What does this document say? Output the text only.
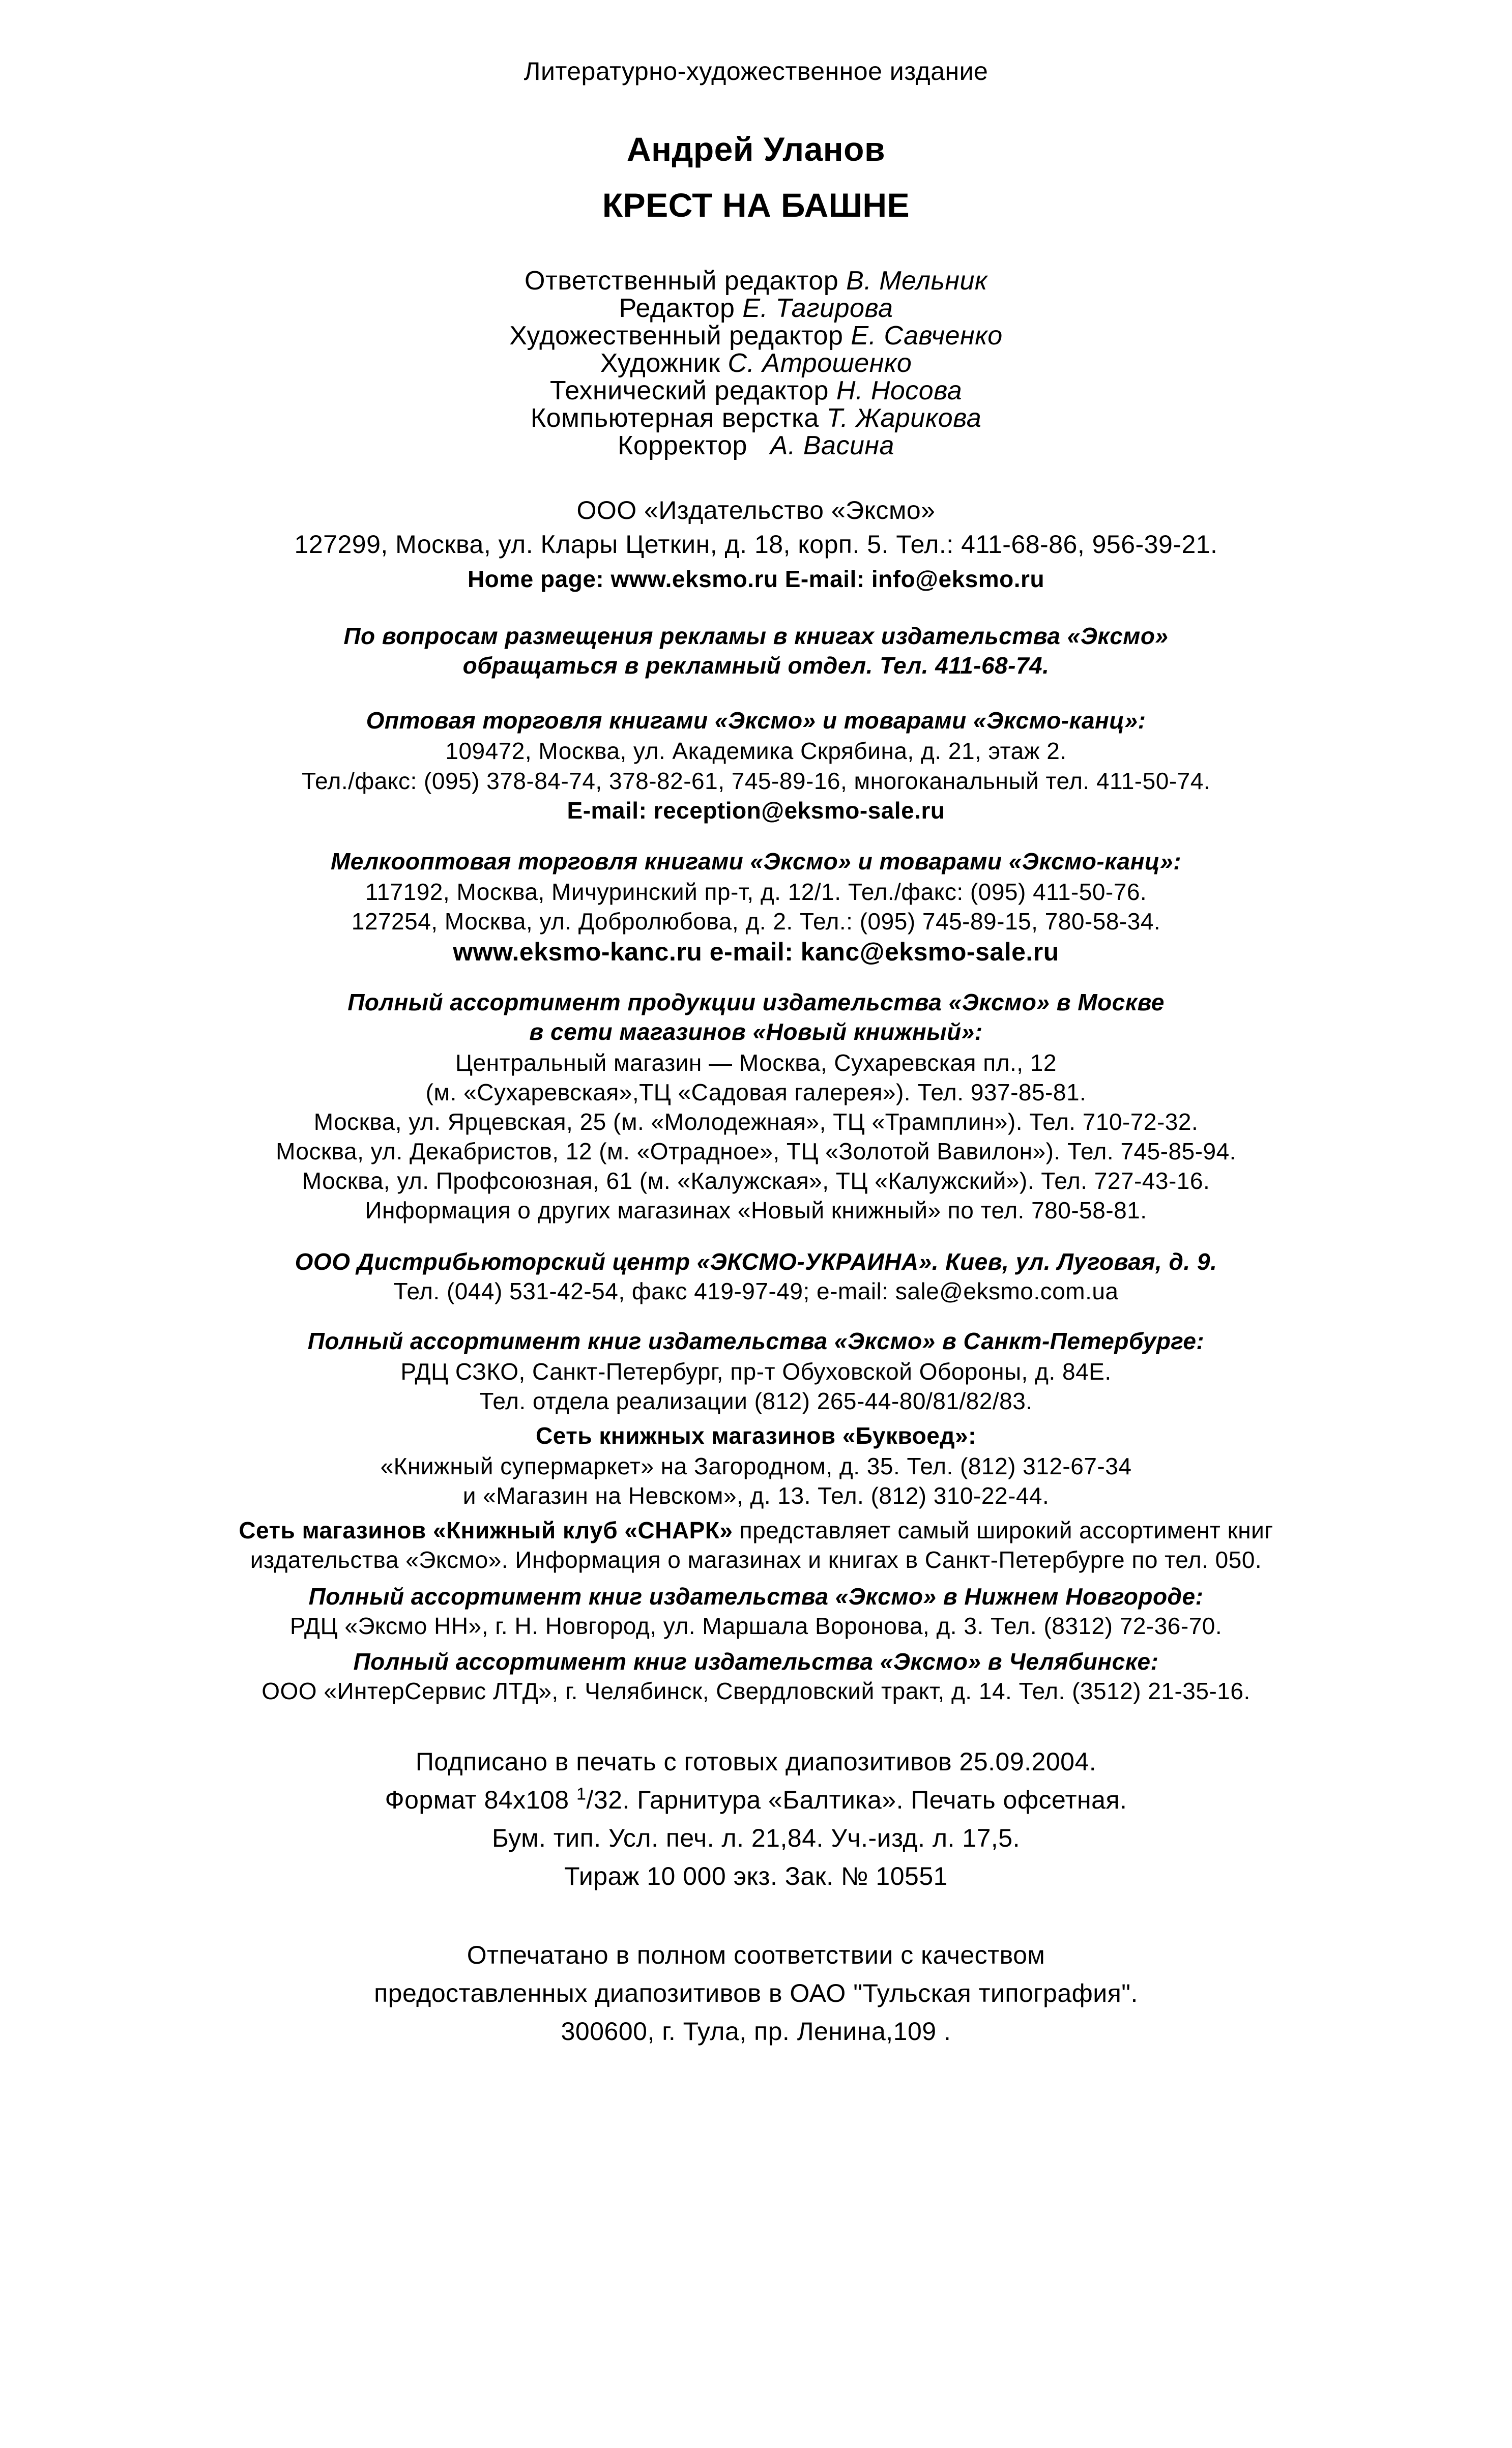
Литературно-художественное издание
Андрей Уланов
КРЕСТ НА БАШНЕ
Ответственный редактор В. Мельник
Редактор Е. Тагирова
Художественный редактор Е. Савченко
Художник С. Атрошенко
Технический редактор Н. Носова
Компьютерная верстка Т. Жарикова
Корректор А. Васина
ООО «Издательство «Эксмо»
127299, Москва, ул. Клары Цеткин, д. 18, корп. 5. Тел.: 411-68-86, 956-39-21.
Home page: www.eksmo.ru E-mail: info@eksmo.ru
По вопросам размещения рекламы в книгах издательства «Эксмо»
обращаться в рекламный отдел. Тел. 411-68-74.
Оптовая торговля книгами «Эксмо» и товарами «Эксмо-канц»:
109472, Москва, ул. Академика Скрябина, д. 21, этаж 2.
Тел./факс: (095) 378-84-74, 378-82-61, 745-89-16, многоканальный тел. 411-50-74.
E-mail: reception@eksmo-sale.ru
Мелкооптовая торговля книгами «Эксмо» и товарами «Эксмо-канц»:
117192, Москва, Мичуринский пр-т, д. 12/1. Тел./факс: (095) 411-50-76.
127254, Москва, ул. Добролюбова, д. 2. Тел.: (095) 745-89-15, 780-58-34.
www.eksmo-kanc.ru e-mail: kanc@eksmo-sale.ru
Полный ассортимент продукции издательства «Эксмо» в Москве
в сети магазинов «Новый книжный»:
Центральный магазин — Москва, Сухаревская пл., 12
(м. «Сухаревская»,ТЦ «Садовая галерея»). Тел. 937-85-81.
Москва, ул. Ярцевская, 25 (м. «Молодежная», ТЦ «Трамплин»). Тел. 710-72-32.
Москва, ул. Декабристов, 12 (м. «Отрадное», ТЦ «Золотой Вавилон»). Тел. 745-85-94.
Москва, ул. Профсоюзная, 61 (м. «Калужская», ТЦ «Калужский»). Тел. 727-43-16.
Информация о других магазинах «Новый книжный» по тел. 780-58-81.
ООО Дистрибьюторский центр «ЭКСМО-УКРАИНА». Киев, ул. Луговая, д. 9.
Тел. (044) 531-42-54, факс 419-97-49; e-mail: sale@eksmo.com.ua
Полный ассортимент книг издательства «Эксмо» в Санкт-Петербурге:
РДЦ СЗКО, Санкт-Петербург, пр-т Обуховской Обороны, д. 84Е.
Тел. отдела реализации (812) 265-44-80/81/82/83.
Сеть книжных магазинов «Буквоед»:
«Книжный супермаркет» на Загородном, д. 35. Тел. (812) 312-67-34
и «Магазин на Невском», д. 13. Тел. (812) 310-22-44.
Сеть магазинов «Книжный клуб «СНАРК» представляет самый широкий ассортимент книг
издательства «Эксмо». Информация о магазинах и книгах в Санкт-Петербурге по тел. 050.
Полный ассортимент книг издательства «Эксмо» в Нижнем Новгороде:
РДЦ «Эксмо НН», г. Н. Новгород, ул. Маршала Воронова, д. 3. Тел. (8312) 72-36-70.
Полный ассортимент книг издательства «Эксмо» в Челябинске:
ООО «ИнтерСервис ЛТД», г. Челябинск, Свердловский тракт, д. 14. Тел. (3512) 21-35-16.
Подписано в печать с готовых диапозитивов 25.09.2004.
Формат 84х108 $^1$/32. Гарнитура «Балтика». Печать офсетная.
Бум. тип. Усл. печ. л. 21,84. Уч.-изд. л. 17,5.
Тираж 10 000 экз. Зак. № 10551
Отпечатано в полном соответствии с качеством
предоставленных диапозитивов в ОАО "Тульская типография".
300600, г. Тула, пр. Ленина,109 .
